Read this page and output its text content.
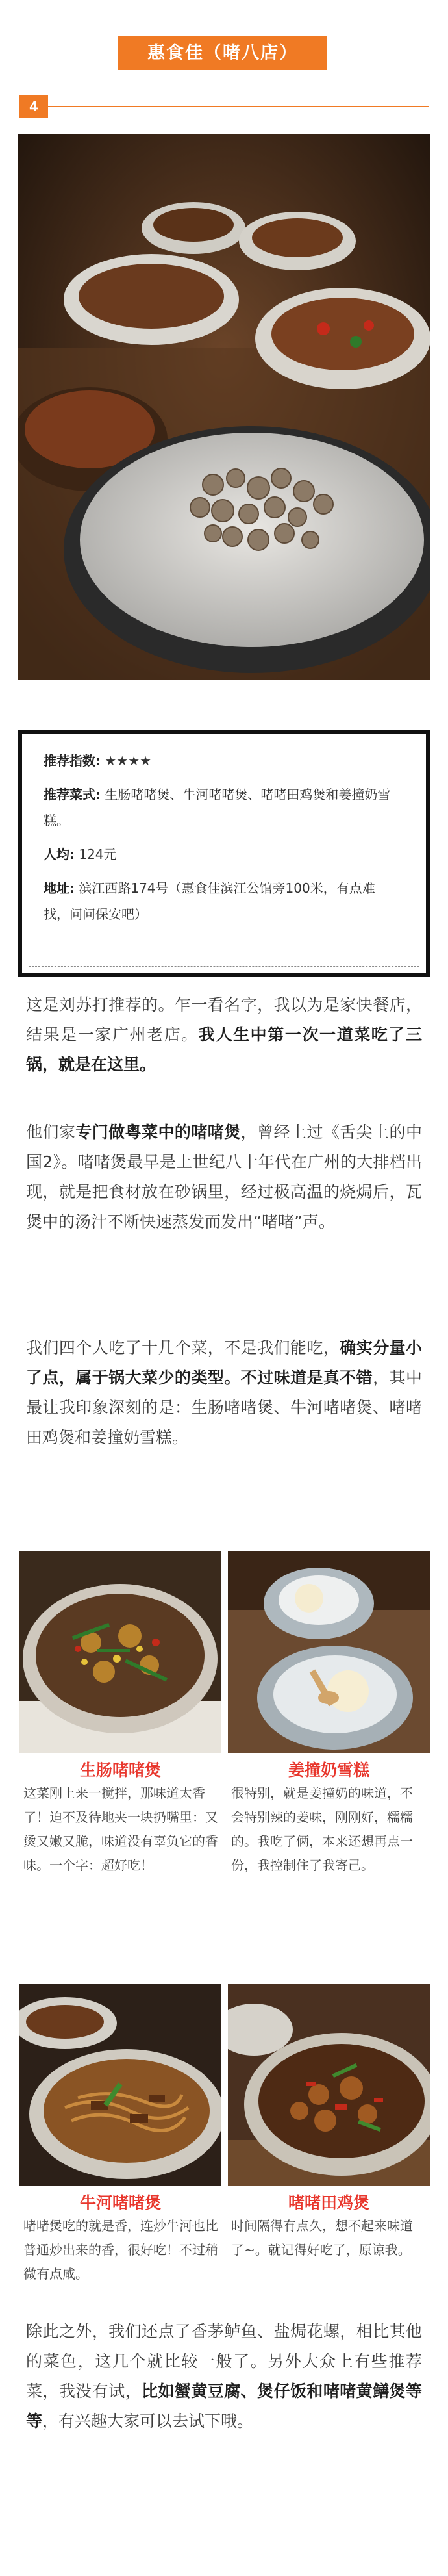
惠食佳（啫八店）
4
推荐指数: ★★★★
推荐菜式: 生肠啫啫煲、牛河啫啫煲、啫啫田鸡煲和姜撞奶雪糕。
人均: 124元
地址: 滨江西路174号（惠食佳滨江公馆旁100米，有点难找，问问保安吧）

这是刘苏打推荐的。乍一看名字，我以为是家快餐店，结果是一家广州老店。我人生中第一次一道菜吃了三锅，就是在这里。

他们家专门做粤菜中的啫啫煲，曾经上过《舌尖上的中国2》。啫啫煲最早是上世纪八十年代在广州的大排档出现，就是把食材放在砂锅里，经过极高温的烧焗后，瓦煲中的汤汁不断快速蒸发而发出“啫啫”声。

我们四个人吃了十几个菜，不是我们能吃，确实分量小了点，属于锅大菜少的类型。不过味道是真不错，其中最让我印象深刻的是：生肠啫啫煲、牛河啫啫煲、啫啫田鸡煲和姜撞奶雪糕。

生肠啫啫煲	姜撞奶雪糕
这菜刚上来一搅拌，那味道太香了！迫不及待地夹一块扔嘴里：又烫又嫩又脆，味道没有辜负它的香味。一个字：超好吃！
很特别，就是姜撞奶的味道，不会特别辣的姜味，刚刚好，糯糯的。我吃了俩，本来还想再点一份，我控制住了我寄己。
牛河啫啫煲	啫啫田鸡煲
啫啫煲吃的就是香，连炒牛河也比普通炒出来的香，很好吃！不过稍微有点咸。
时间隔得有点久，想不起来味道了~。就记得好吃了，原谅我。

除此之外，我们还点了香茅鲈鱼、盐焗花螺，相比其他的菜色，这几个就比较一般了。另外大众上有些推荐菜，我没有试，比如蟹黄豆腐、煲仔饭和啫啫黄鳝煲等等，有兴趣大家可以去试下哦。
